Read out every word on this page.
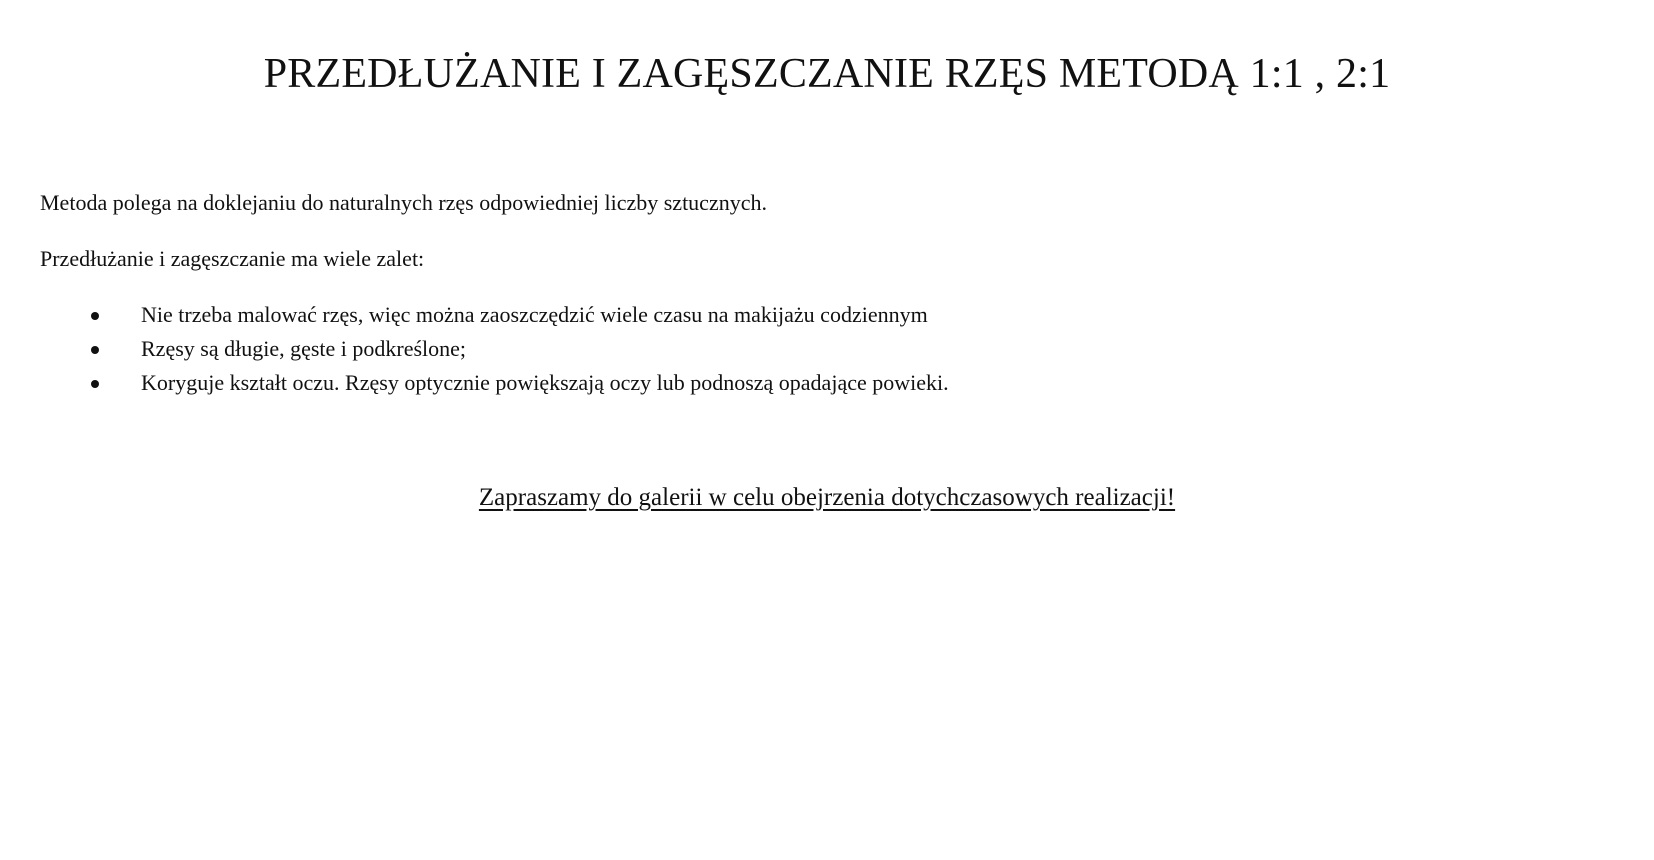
PRZEDŁUŻANIE I ZAGĘSZCZANIE RZĘS METODĄ 1:1 , 2:1

Metoda polega na doklejaniu do naturalnych rzęs odpowiedniej liczby sztucznych.

Przedłużanie i zagęszczanie ma wiele zalet:

Nie trzeba malować rzęs, więc można zaoszczędzić wiele czasu na makijażu codziennym
Rzęsy są długie, gęste i podkreślone;
Koryguje kształt oczu. Rzęsy optycznie powiększają oczy lub podnoszą opadające powieki.
Zapraszamy do galerii w celu obejrzenia dotychczasowych realizacji!
